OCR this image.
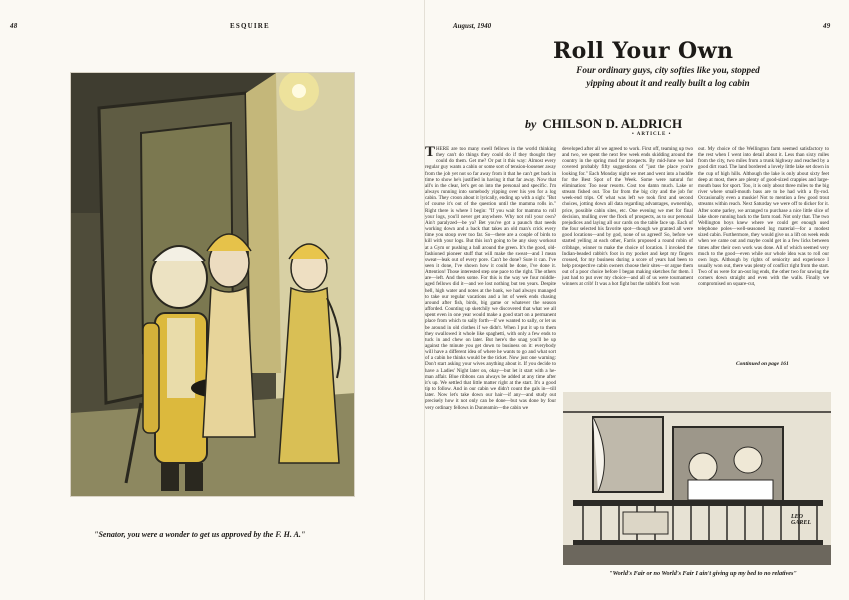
48	ESQUIRE
"Senator, you were a wonder to get us approved by the F. H. A."
August, 1940	49
Roll Your Own
Four ordinary guys, city softies like you, stopped yipping about it and really built a log cabin
by CHILSON D. ALDRICH
• ARTICLE •
THERE are too many swell fellows in the world thinking they can't do things they could do if they thought they could do them. Get me? Or put it this way: Almost every regular guy wants a cabin or some sort of tension-loosener away from the job yet not so far away from it that he can't get back in time to show he's justified in having it that far away. Now that all's in the clear, let's get on into the personal and specific. I'm always running into somebody yipping over his yen for a log cabin. They croon about it lyrically, ending up with a sigh: "But of course it's out of the question until the mamma rolls in." Right there is where I begin: "If you wait for mamma to roll your logs, you'll never get anywhere. Why not roll your own? Ain't paralyzed—be ya? Bet you've got a paunch that needs working down and a back that takes an old man's crick every time you stoop over too far. So—there are a couple of birds to kill with your logs. But this isn't going to be any sissy workout at a Gym or pushing a ball around the green. It's the good, old-fashioned pioneer stuff that will make the sweat—and I mean sweat—leak out of every pore. Can't be done? Sure it can. I've seen it done, I've shown how it could be done, I've done it. Attention! Those interested step one pace to the right. The others are—left. And then some. For this is the way we four middle-aged fellows did it—and we lost nothing but ten years. Despite hell, high water and notes at the bank, we had always managed to take our regular vacations and a lot of week ends chasing around after fish, birds, big game or whatever the season afforded. Counting up sketchily we discovered that what we all spent even in one year would make a good start on a permanent place from which to sally forth—if we wanted to sally, or let us be around in old clothes if we didn't. When I put it up to them they swallowed it whole like spaghetti, with only a few ends to tuck in and chew on later. But here's the snag you'll be up against the minute you get down to business on it: everybody will have a different idea of where he wants to go and what sort of a cabin he thinks would be the ticket. Now just one warning: Don't start asking your wives anything about it. If you decide to have a Ladies' Night later on, okay—but let it start with a he-man affair. Blue ribbons can always be added at any time after it's up. We settled that little matter right at the start. It's a good tip to follow. And in our cabin we didn't count the gals in—till later. Now let's take down our hair—if any—and study out precisely how it not only can be done—but was done by four very ordinary fellows in Dunreamin—the cabin we
developed after all we agreed to work. First off, teaming up two and two, we spent the next few week ends skidding around the country in the spring mud for prospects. By mid-June we had covered probably fifty suggestions of "just the place you're looking for." Each Monday night we met and went into a huddle for the Best Spot of the Week. Some were natural for elimination: Too near resorts. Cost too damn much. Lake or stream fished out. Too far from the big city and the job for week-end trips. Of what was left we took first and second choices, jotting down all data regarding advantages, ownership, price, possible cabin sites, etc. One evening we met for final decision, mulling over the flock of prospects, as to our personal prejudices and laying all our cards on the table face up. Each of the four selected his favorite spot—though we granted all were good locations—and by god, none of us agreed! So, before we started yelling at each other, Farris proposed a round robin of cribbage, winner to make the choice of location. I invoked the Indian-beaded rabbit's foot in my pocket and kept my fingers crossed, for my business during a score of years had been to help prospective cabin owners choose their sites—or argue them out of a poor choice before I began making sketches for them. I just had to put over my choice—and all of us were tournament winners at crib! It was a hot fight but the rabbit's foot won
out. My choice of the Wellington farm seemed satisfactory to the rest when I went into detail about it. Less than sixty miles from the city, two miles from a trunk highway and reached by a good dirt road. The land bordered a lovely little lake set down in the cup of high hills. Although the lake is only about sixty feet deep at most, there are plenty of good-sized crappies and large-mouth bass for sport. Too, it is only about three miles to the big river where small-mouth bass are to be had with a fly-rod. Occasionally even a muskie! Not to mention a few good trout streams within reach. Next Saturday we were off to dicker for it. After some parley, we arranged to purchase a nice little slice of lake shore running back to the farm road. Not only that. The two Wellington boys knew where we could get enough used telephone poles—well-seasoned log material—for a modest sized cabin. Furthermore, they would give us a lift on week ends when we came out and maybe could get in a few licks between times after their own work was done. All of which seemed very much to the good—even while our whole idea was to roll our own logs. Although by rights of seniority and experience I usually won out, there was plenty of conflict right from the start. Two of us were for an-out log ends, the other two for sawing the corners down straight and even with the walls. Finally we compromised on square-cut,
Continued on page 161
LEO GAREL
"World's Fair or no World's Fair I ain't giving up my bed to no relatives"
